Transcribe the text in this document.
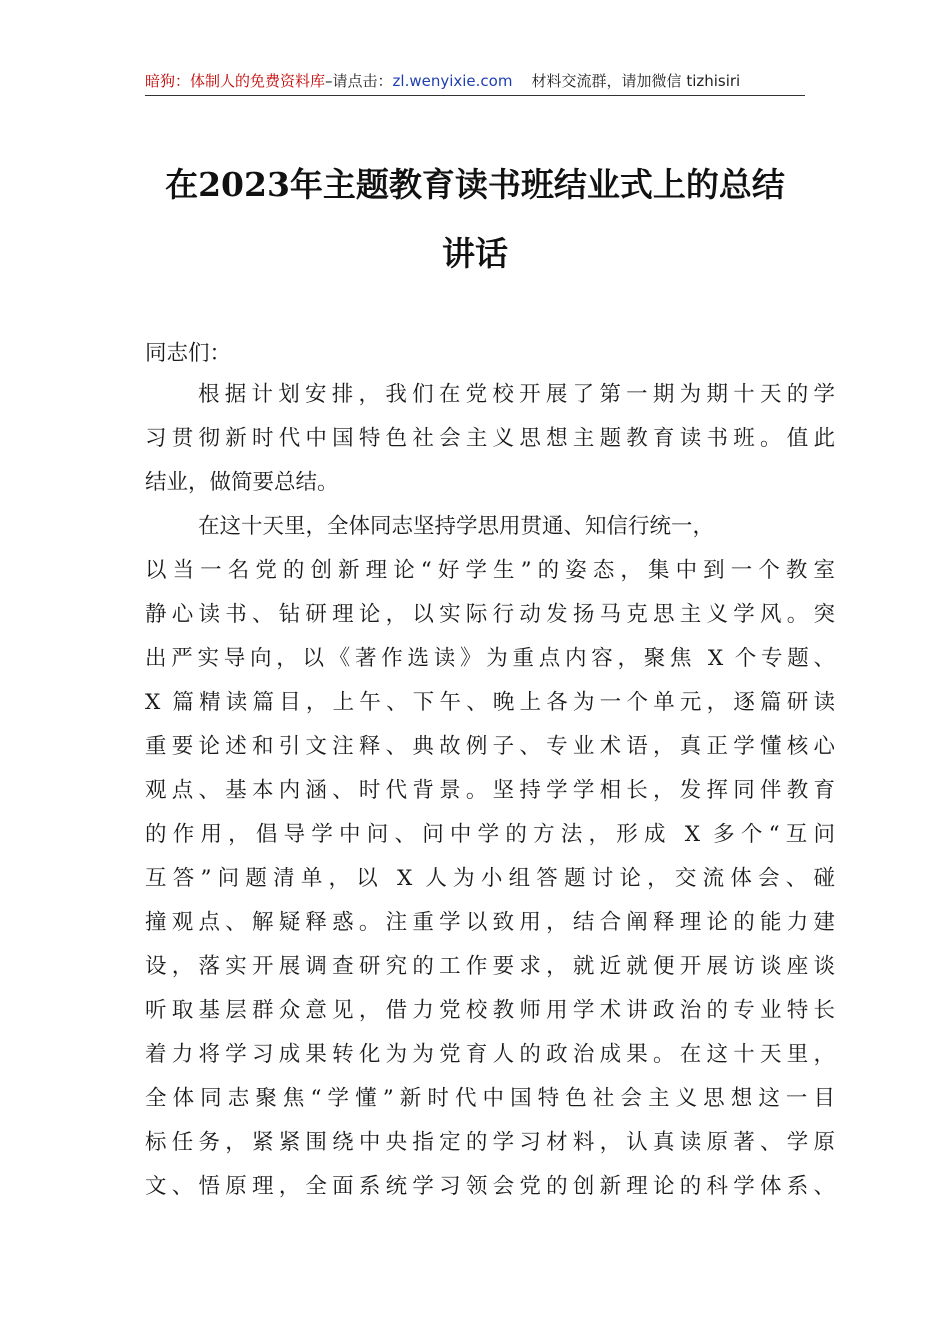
暗狗：体制人的免费资料库–请点击：zl.wenyixie.com 材料交流群，请加微信 tizhisiri
在2023年主题教育读书班结业式上的总结
讲话
同志们：
根据计划安排，我们在党校开展了第一期为期十天的学
习贯彻新时代中国特色社会主义思想主题教育读书班。值此
结业，做简要总结。
在这十天里，全体同志坚持学思用贯通、知信行统一，
以当一名党的创新理论“好学生”的姿态，集中到一个教室
静心读书、钻研理论，以实际行动发扬马克思主义学风。突
出严实导向，以《著作选读》为重点内容，聚焦 X 个专题、
X 篇精读篇目，上午、下午、晚上各为一个单元，逐篇研读
重要论述和引文注释、典故例子、专业术语，真正学懂核心
观点、基本内涵、时代背景。坚持学学相长，发挥同伴教育
的作用，倡导学中问、问中学的方法，形成 X 多个“互问
互答”问题清单，以 X 人为小组答题讨论，交流体会、碰
撞观点、解疑释惑。注重学以致用，结合阐释理论的能力建
设，落实开展调查研究的工作要求，就近就便开展访谈座谈
听取基层群众意见，借力党校教师用学术讲政治的专业特长
着力将学习成果转化为为党育人的政治成果。在这十天里，
全体同志聚焦“学懂”新时代中国特色社会主义思想这一目
标任务，紧紧围绕中央指定的学习材料，认真读原著、学原
文、悟原理，全面系统学习领会党的创新理论的科学体系、
